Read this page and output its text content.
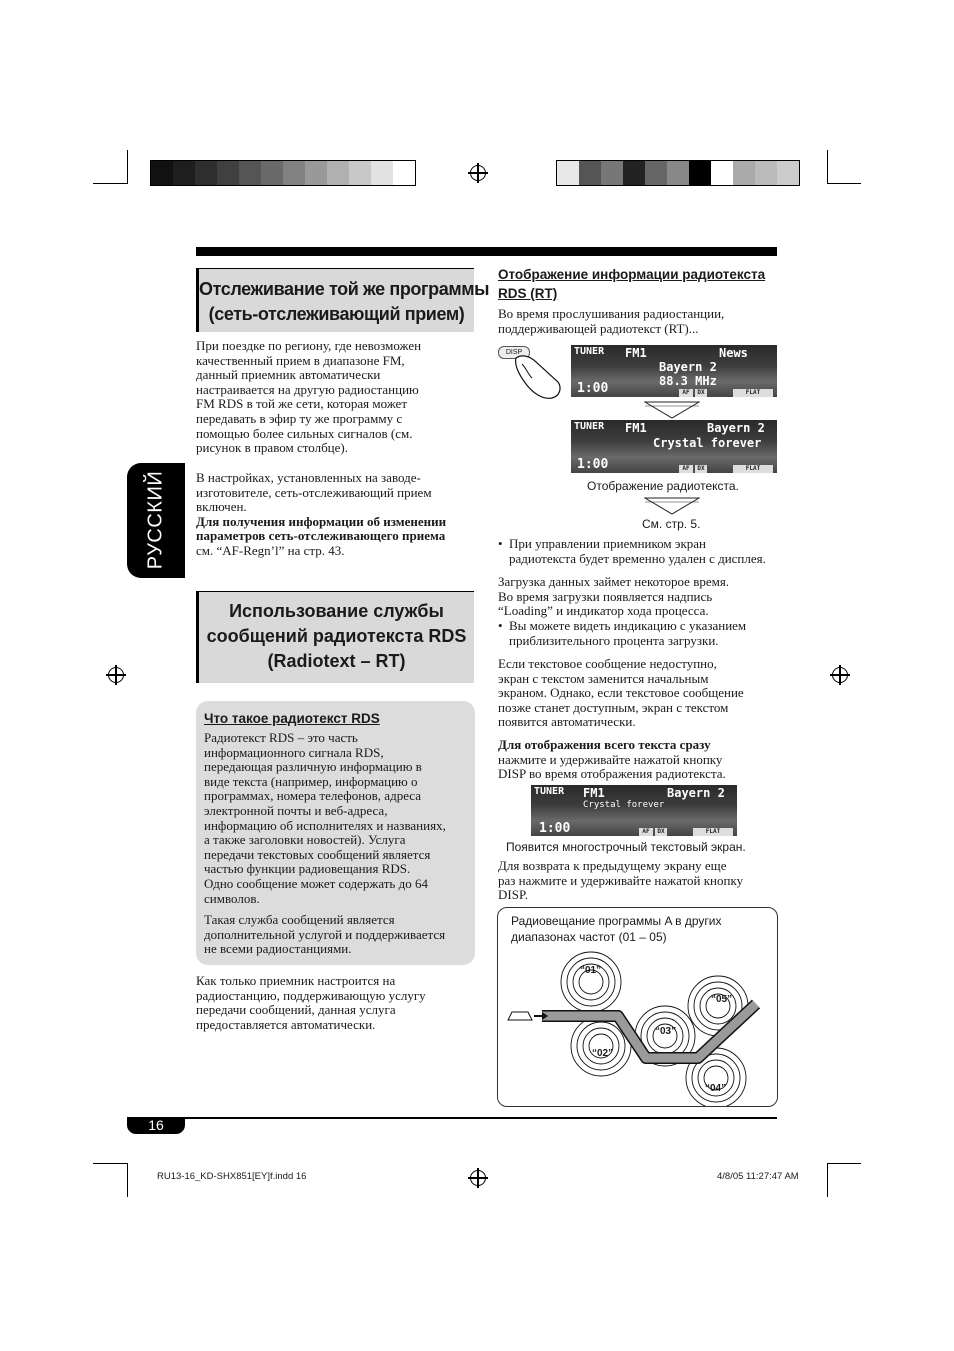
РУССКИЙ
Отслеживание той же программы
(сеть-отслеживающий прием)
При поездке по региону, где невозможен
качественный прием в диапазоне FM,
данный приемник автоматически
настраивается на другую радиостанцию
FM RDS в той же сети, которая может
передавать в эфир ту же программу с
помощью более сильных сигналов (см.
рисунок в правом столбце).
В настройках, установленных на заводе-
изготовителе, сеть-отслеживающий прием
включен.
Для получения информации об изменении
параметров сеть-отслеживающего приема
см. “AF-Regn’l” на стр. 43.
Использование службы
сообщений радиотекста RDS
(Radiotext – RT)
Что такое радиотекст RDS
Радиотекст RDS – это часть
информационного сигнала RDS,
передающая различную информацию в
виде текста (например, информацию о
программах, номера телефонов, адреса
электронной почты и веб-адреса,
информацию об исполнителях и названиях,
а также заголовки новостей). Услуга
передачи текстовых сообщений является
частью функции радиовещания RDS.
Одно сообщение может содержать до 64
символов.
Такая служба сообщений является
дополнительной услугой и поддерживается
не всеми радиостанциями.
Как только приемник настроится на
радиостанцию, поддерживающую услугу
передачи сообщений, данная услуга
предоставляется автоматически.
Отображение информации радиотекста
RDS (RT)
Во время прослушивания радиостанции,
поддерживающей радиотекст (RT)...
DISP	TUNER FM1	News
Bayern 2
88.3 MHz
1:00	AF	DX	FLAT
TUNER FM1	Bayern 2
Crystal forever
1:00	AF	DX	FLAT
Отображение радиотекста.
См. стр. 5.
• При управлении приемником экран
радиотекста будет временно удален с дисплея.
Загрузка данных займет некоторое время.
Во время загрузки появляется надпись
“Loading” и индикатор хода процесса.
• Вы можете видеть индикацию с указанием
приблизительного процента загрузки.
Если текстовое сообщение недоступно,
экран с текстом заменится начальным
экраном. Однако, если текстовое сообщение
позже станет доступным, экран с текстом
появится автоматически.
Для отображения всего текста сразу
нажмите и удерживайте нажатой кнопку
DISP во время отображения радиотекста.
TUNER FM1	Bayern 2
Crystal forever
1:00	AF	DX	FLAT
Появится многострочный текстовый экран.
Для возврата к предыдущему экрану еще
раз нажмите и удерживайте нажатой кнопку
DISP.
Радиовещание программы A в других
диапазонах частот (01 – 05)
“01”
“02”
“03”
“04”
“05”
16
RU13-16_KD-SHX851[EY]f.indd 16	4/8/05 11:27:47 AM
